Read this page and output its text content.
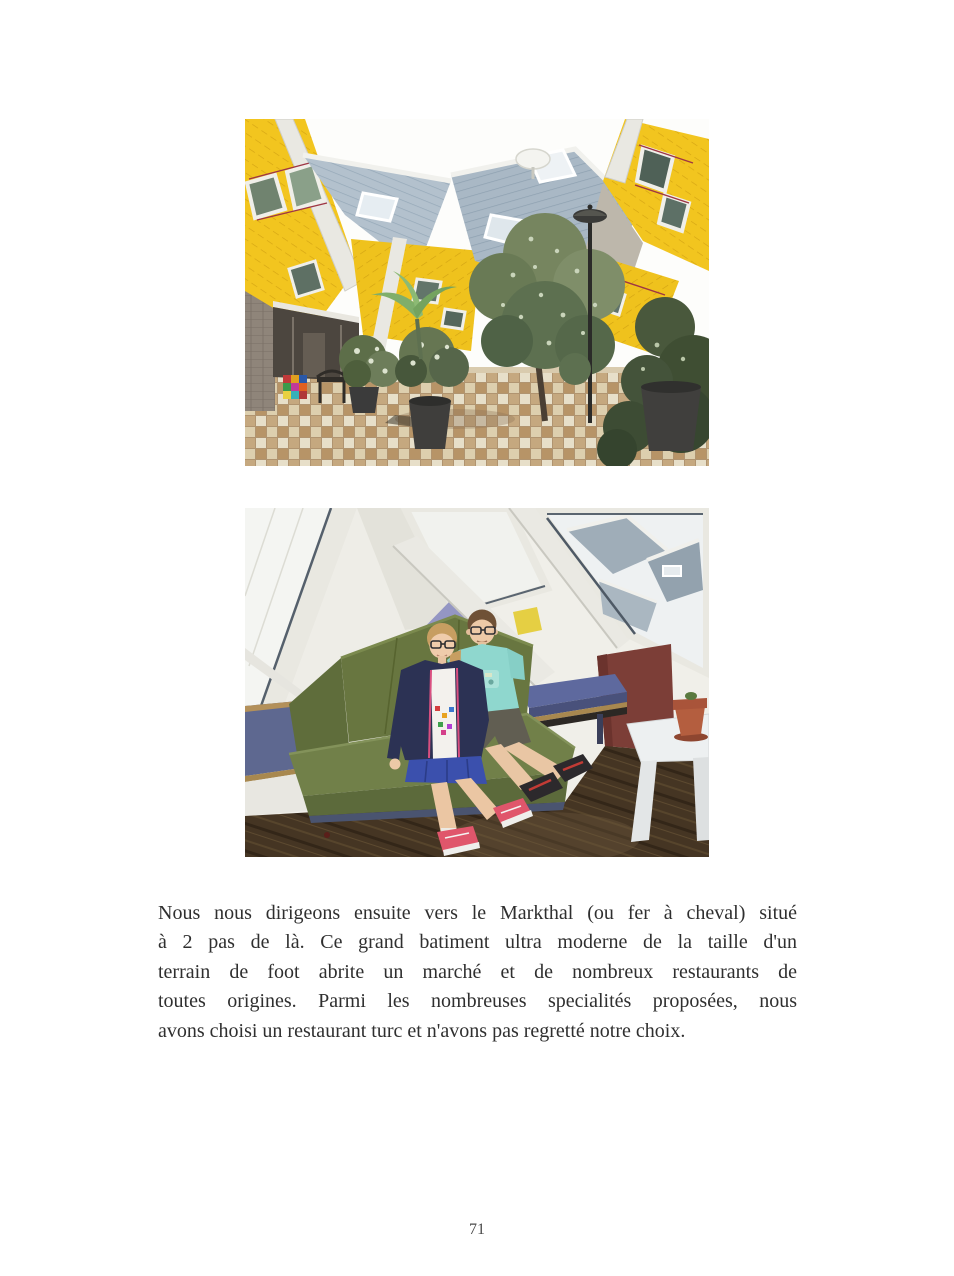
Nous nous dirigeons ensuite vers le Markthal (ou fer à cheval) situé
à 2 pas de là. Ce grand batiment ultra moderne de la taille d'un
terrain de foot abrite un marché et de nombreux restaurants de
toutes origines. Parmi les nombreuses specialités proposées, nous
avons choisi un restaurant turc et n'avons pas regretté notre choix.
71
